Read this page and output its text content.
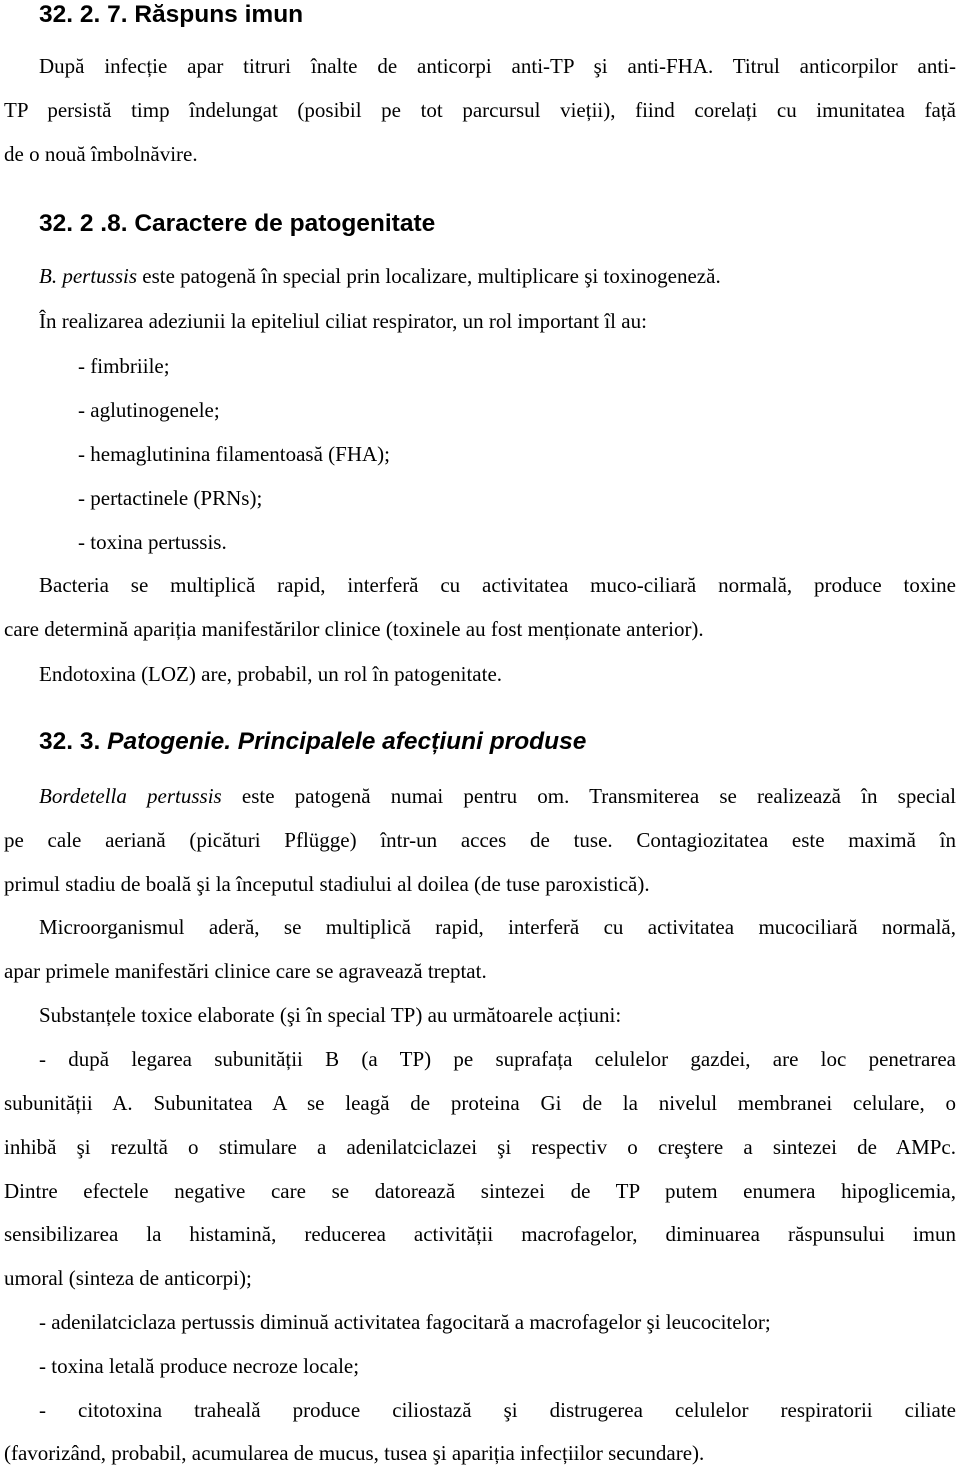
32. 2. 7. Răspuns imun
După infecție apar titruri înalte de anticorpi anti-TP şi anti-FHA. Titrul anticorpilor anti-
TP persistă timp îndelungat (posibil pe tot parcursul vieții), fiind corelați cu imunitatea față
de o nouă îmbolnăvire.
32. 2 .8. Caractere de patogenitate
B. pertussis este patogenă în special prin localizare, multiplicare şi toxinogeneză.
În realizarea adeziunii la epiteliul ciliat respirator, un rol important îl au:
- fimbriile;
- aglutinogenele;
- hemaglutinina filamentoasă (FHA);
- pertactinele (PRNs);
- toxina pertussis.
Bacteria se multiplică rapid, interferă cu activitatea muco-ciliară normală, produce toxine
care determină apariția manifestărilor clinice (toxinele au fost menționate anterior).
Endotoxina (LOZ) are, probabil, un rol în patogenitate.
32. 3. Patogenie. Principalele afecțiuni produse
Bordetella pertussis este patogenă numai pentru om. Transmiterea se realizează în special
pe cale aeriană (picături Pflügge) într-un acces de tuse. Contagiozitatea este maximă în
primul stadiu de boală şi la începutul stadiului al doilea (de tuse paroxistică).
Microorganismul aderă, se multiplică rapid, interferă cu activitatea mucociliară normală,
apar primele manifestări clinice care se agravează treptat.
Substanțele toxice elaborate (şi în special TP) au următoarele acțiuni:
- după legarea subunității B (a TP) pe suprafața celulelor gazdei, are loc penetrarea
subunității A. Subunitatea A se leagă de proteina Gi de la nivelul membranei celulare, o
inhibă şi rezultă o stimulare a adenilatciclazei şi respectiv o creştere a sintezei de AMPc.
Dintre efectele negative care se datorează sintezei de TP putem enumera hipoglicemia,
sensibilizarea la histamină, reducerea activității macrofagelor, diminuarea răspunsului imun
umoral (sinteza de anticorpi);
- adenilatciclaza pertussis diminuă activitatea fagocitară a macrofagelor şi leucocitelor;
- toxina letală produce necroze locale;
- citotoxina trahealǎ produce ciliostază şi distrugerea celulelor respiratorii ciliate
(favorizând, probabil, acumularea de mucus, tusea şi apariția infecțiilor secundare).
